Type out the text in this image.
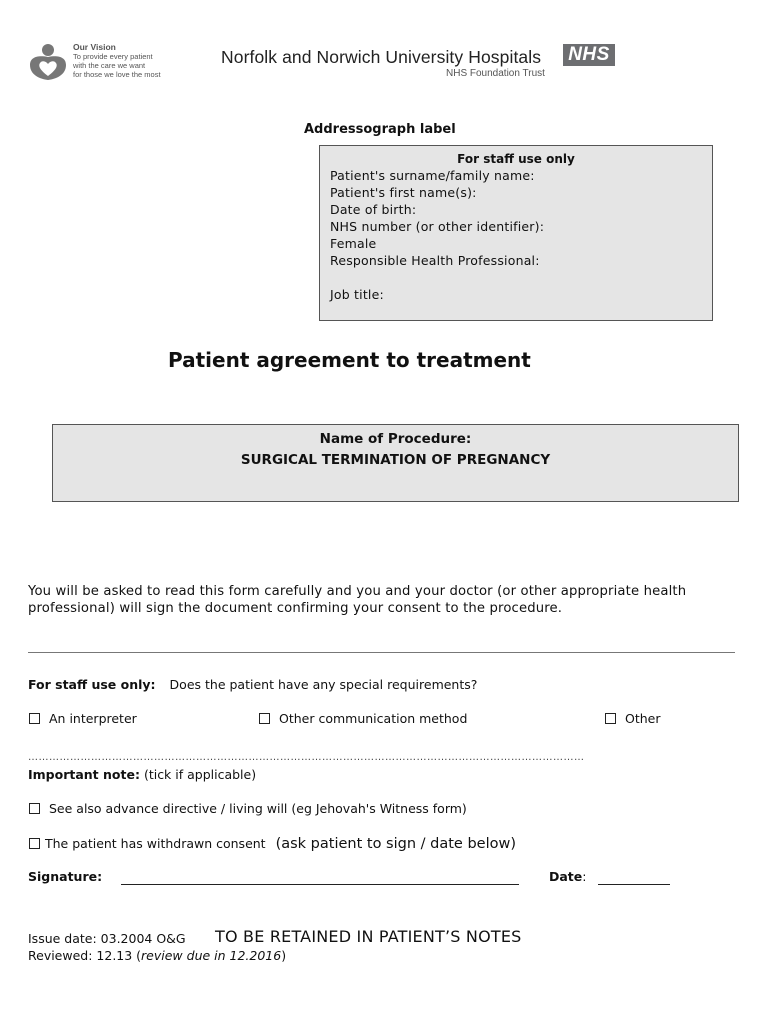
Our Vision
To provide every patient
with the care we want
for those we love the most
Norfolk and Norwich University Hospitals NHS
NHS Foundation Trust
Addressograph label
For staff use only
Patient's surname/family name:
Patient's first name(s):
Date of birth:
NHS number (or other identifier):
Female
Responsible Health Professional:
Job title:
Patient agreement to treatment
Name of Procedure:
SURGICAL TERMINATION OF PREGNANCY
You will be asked to read this form carefully and you and your doctor (or other appropriate health professional) will sign the document confirming your consent to the procedure.
For staff use only: Does the patient have any special requirements?
An interpreter	Other communication method	Other
……………………………………………………………………………………………………………………………………………
Important note: (tick if applicable)
See also advance directive / living will (eg Jehovah's Witness form)
The patient has withdrawn consent (ask patient to sign / date below)
Signature:	Date:
Issue date: 03.2004 O&G TO BE RETAINED IN PATIENT’S NOTES
Reviewed: 12.13 (review due in 12.2016)
